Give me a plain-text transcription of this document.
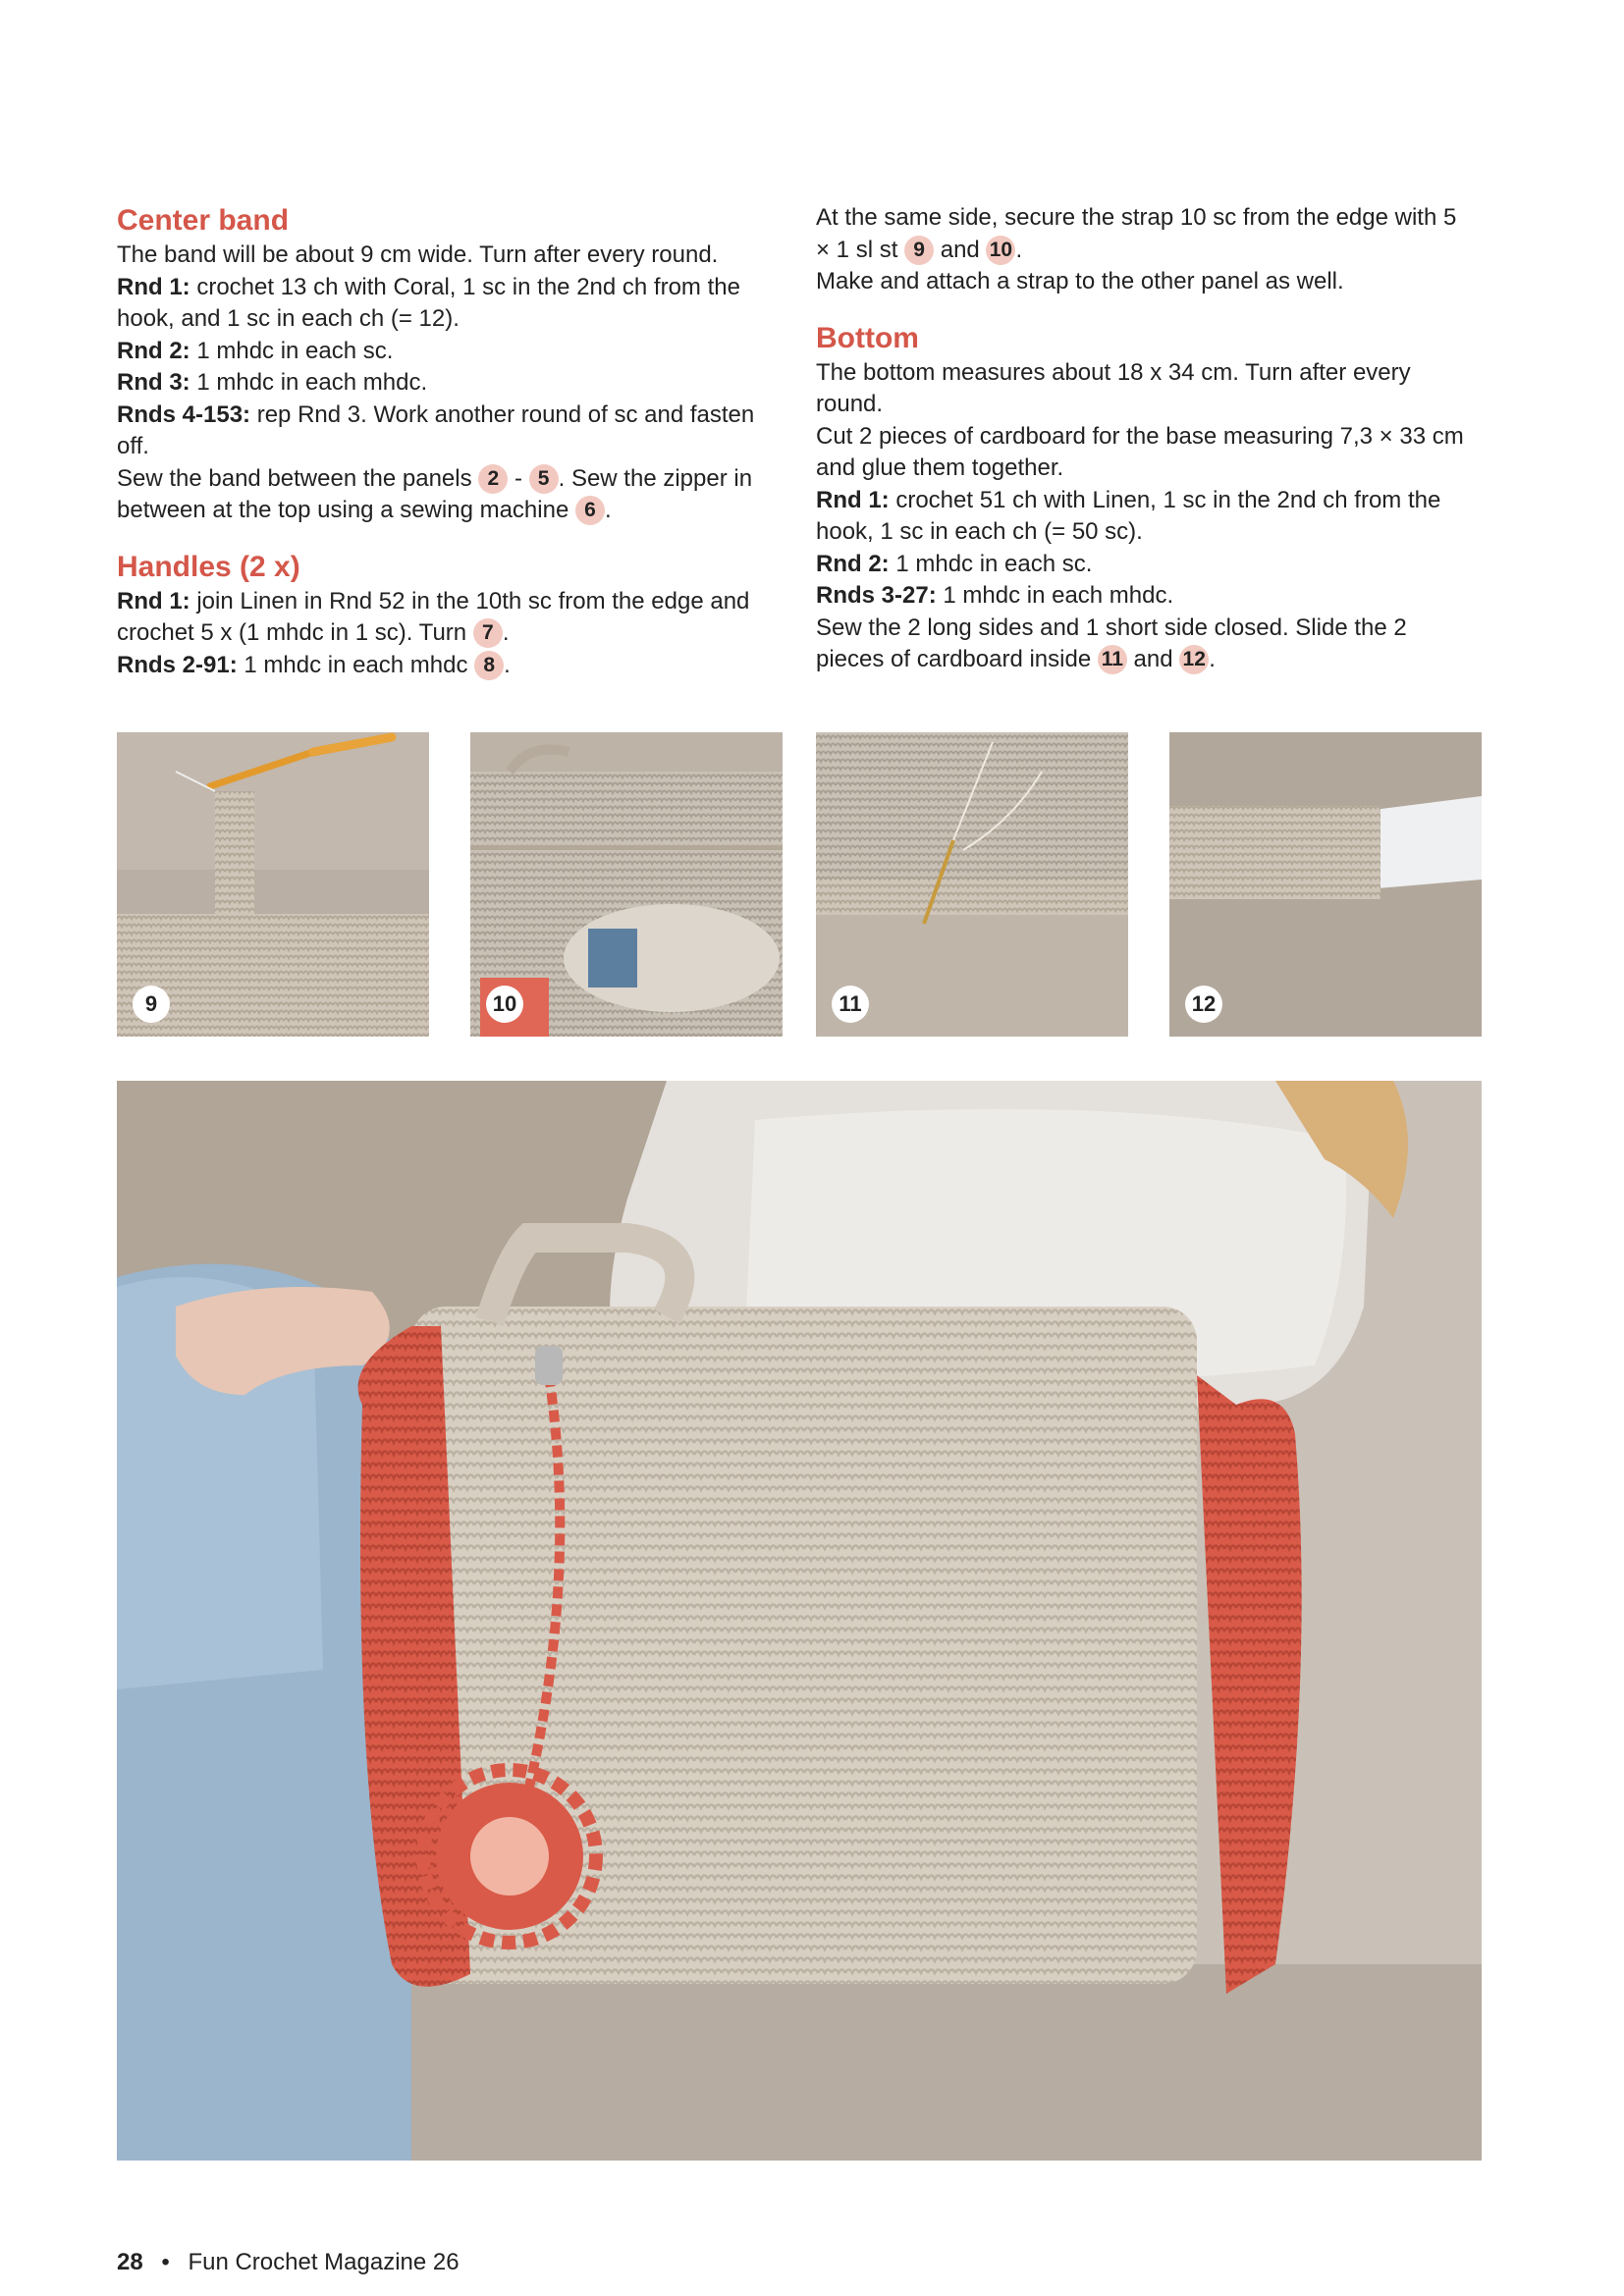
Center band

The band will be about 9 cm wide. Turn after every round.

Rnd 1: crochet 13 ch with Coral, 1 sc in the 2nd ch from the hook, and 1 sc in each ch (= 12).

Rnd 2: 1 mhdc in each sc.

Rnd 3: 1 mhdc in each mhdc.

Rnds 4-153: rep Rnd 3. Work another round of sc and fasten off.

Sew the band between the panels 2 - 5 . Sew the zipper in between at the top using a sewing machine 6 .

Handles (2 x)

Rnd 1: join Linen in Rnd 52 in the 10th sc from the edge and crochet 5 x (1 mhdc in 1 sc). Turn 7 .

Rnds 2-91: 1 mhdc in each mhdc 8 .

At the same side, secure the strap 10 sc from the edge with 5 × 1 sl st 9 and 10 .

Make and attach a strap to the other panel as well.

Bottom

The bottom measures about 18 x 34 cm. Turn after every round.

Cut 2 pieces of cardboard for the base measuring 7,3 × 33 cm and glue them together.

Rnd 1: crochet 51 ch with Linen, 1 sc in the 2nd ch from the hook, 1 sc in each ch (= 50 sc).

Rnd 2: 1 mhdc in each sc.

Rnds 3-27: 1 mhdc in each mhdc.

Sew the 2 long sides and 1 short side closed. Slide the 2 pieces of cardboard inside 11 and 12 .

9	10	11	12
28 • Fun Crochet Magazine 26
